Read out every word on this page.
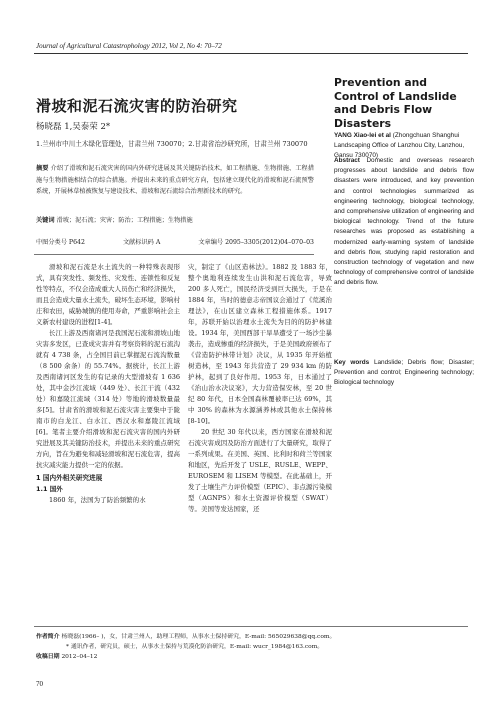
Journal of Agricultural Catastrophology 2012, Vol 2, No 4: 70–72
滑坡和泥石流灾害的防治研究
杨晓磊 1,吴泰荣 2*
1.兰州市中川土木绿化管理处，甘肃兰州 730070；2.甘肃省治沙研究所，甘肃兰州 730070
摘要 介绍了滑坡和泥石流灾害的国内外研究进展及其关键防治技术，如工程措施、生物措施、工程措施与生物措施相结合的综合措施。并提出未来的重点研究方向，包括建立现代化的滑坡和泥石流预警系统，开展林草植被恢复与建设技术、滑坡和泥石流综合治理新技术的研究。
关键词 滑坡；泥石流；灾害；防治；工程措施；生物措施
中图分类号 P642	文献标识码 A	文章编号 2095–3305(2012)04–070–03
Prevention and Control of Landslide and Debris Flow Disasters
YANG Xiao-lei et al (Zhongchuan Shanghui Landscaping Office of Lanzhou City, Lanzhou, Gansu 730070)
Abstract Domestic and overseas research progresses about landslide and debris flow disasters were introduced, and key prevention and control technologies summarized as engineering technology, biological technology, and comprehensive utilization of engineering and biological technology. Trend of the future researches was proposed as establishing a modernized early-warning system of landslide and debris flow, studying rapid restoration and construction technology of vegetation and new technology of comprehensive control of landslide and debris flow.
Key words Landslide; Debris flow; Disaster; Prevention and control; Engineering technology; Biological technology

滑坡和泥石流是水土流失的一种特殊表现形式，具有突发性、频发性、灾发性、连锁性和反复性等特点，不仅会造成重大人员伤亡和经济损失，而且会造成大量水土流失，破坏生态环境，影响村庄和农田，威胁城镇的使用寿命，严重影响社会主义新农村建设的进程[1-4]。

长江上游及西南诸河是我国泥石流和滑坡山地灾害多发区，已查成灾害并有考察资料的泥石流沟就有 4 738 条，占全国目前已掌握泥石流沟数量（8 500 余条）的 55.74%。据统计，长江上游及西南诸河区发生的有记录的大型滑坡有 1 636 处，其中金沙江流域（449 处）、长江干流（432 处）和嘉陵江流域（314 处）等地的滑坡数量最多[5]。甘肃省的滑坡和泥石流灾害主要集中于陇南市的白龙江、白水江、西汉水和嘉陵江流域[6]。笔者主要介绍滑坡和泥石流灾害的国内外研究进展及其关键防治技术，并提出未来的重点研究方向，旨在为避免和减轻滑坡和泥石流危害，提高抗灾减灾能力提供一定的依据。

1 国内外相关研究进展
1.1 国外

1860 年，法国为了防治频繁的水

灾，制定了《山区造林法》。1882 及 1883 年，整个奥地利连续发生山洪和泥石流危害，导致 200 多人死亡，国民经济受到巨大损失，于是在 1884 年，当时的德意志帝国议会通过了《荒溪治理法》，在山区建立森林工程措施体系。1917 年，苏联开始以治理水土流失为目的的防护林建设。1934 年，美国西部干旱旱遭受了一场沙尘暴袭击，造成惨重的经济损失，于是美国政府颁布了《营造防护林带计划》决议，从 1935 年开始植树造林，至 1943 年共营造了 29 934 km 的防护林，起到了良好作用。1953 年，日本通过了《治山治水决议案》，大力营造保安林，至 20 世纪 80 年代，日本全国森林覆被率已达 69%，其中 30% 的森林为水源涵养林或其他水土保持林[8-10]。

20 世纪 30 年代以来，西方国家在滑坡和泥石流灾害成因及防治方面进行了大量研究，取得了一系列成果。在美国、英国、比利时和荷兰等国家和地区，先后开发了 USLE、RUSLE、WEPP、EUROSEM 和 LISEM 等模型。在此基础上，开发了土壤生产力评价模型（EPIC）、非点源污染模型（AGNPS）和水土资源评价模型（SWAT）等。美国等发达国家，还

作者简介 杨晓磊(1966– )，女，甘肃兰州人，助理工程师，从事水土保持研究，E-mail: 565029638@qq.com。
* 通讯作者，研究员，硕士，从事水土保持与荒漠化防治研究，E-mail: wucr_1984@163.com。
收稿日期 2012–04–12
70
